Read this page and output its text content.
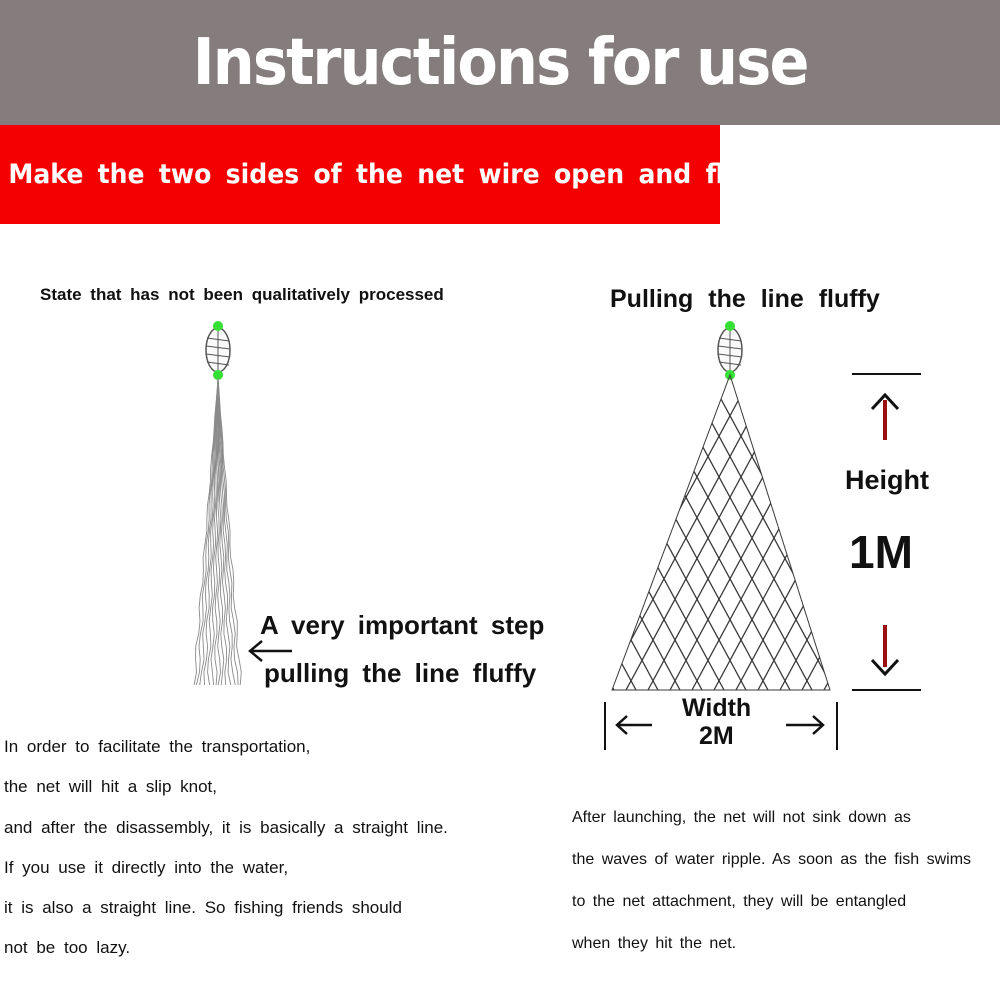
Instructions for use
Make the two sides of the net wire open and fluffy
State that has not been qualitatively processed	Pulling the line fluffy
A very important step
pulling the line fluffy
Height
1M
Width
2M
In order to facilitate the transportation,
the net will hit a slip knot,
and after the disassembly, it is basically a straight line.
If you use it directly into the water,
it is also a straight line. So fishing friends should
not be too lazy.
After launching, the net will not sink down as
the waves of water ripple. As soon as the fish swims
to the net attachment, they will be entangled
when they hit the net.
